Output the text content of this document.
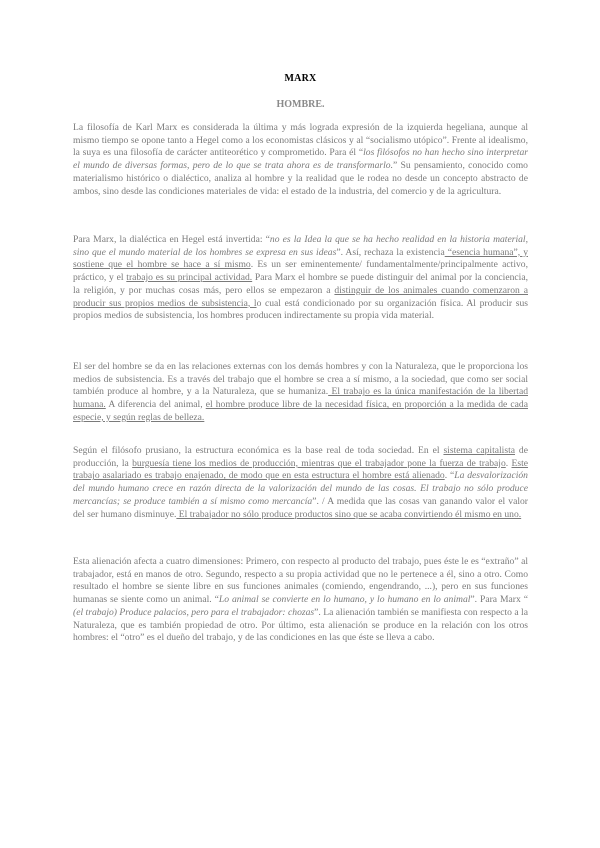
MARX
HOMBRE.

La filosofía de Karl Marx es considerada la última y más lograda expresión de la izquierda hegeliana, aunque al mismo tiempo se opone tanto a Hegel como a los economistas clásicos y al “socialismo utópico”. Frente al idealismo, la suya es una filosofía de carácter antiteorético y comprometido. Para él “los filósofos no han hecho sino interpretar el mundo de diversas formas, pero de lo que se trata ahora es de transformarlo.” Su pensamiento, conocido como materialismo histórico o dialéctico, analiza al hombre y la realidad que le rodea no desde un concepto abstracto de ambos, sino desde las condiciones materiales de vida: el estado de la industria, del comercio y de la agricultura.

Para Marx, la dialéctica en Hegel está invertida: “no es la Idea la que se ha hecho realidad en la historia material, sino que el mundo material de los hombres se expresa en sus ideas”. Así, rechaza la existencia “esencia humana”, y sostiene que el hombre se hace a sí mismo. Es un ser eminentemente/ fundamentalmente/principalmente activo, práctico, y el trabajo es su principal actividad. Para Marx el hombre se puede distinguir del animal por la conciencia, la religión, y por muchas cosas más, pero ellos se empezaron a distinguir de los animales cuando comenzaron a producir sus propios medios de subsistencia, lo cual está condicionado por su organización física. Al producir sus propios medios de subsistencia, los hombres producen indirectamente su propia vida material.

El ser del hombre se da en las relaciones externas con los demás hombres y con la Naturaleza, que le proporciona los medios de subsistencia. Es a través del trabajo que el hombre se crea a sí mismo, a la sociedad, que como ser social también produce al hombre, y a la Naturaleza, que se humaniza. El trabajo es la única manifestación de la libertad humana. A diferencia del animal, el hombre produce libre de la necesidad física, en proporción a la medida de cada especie, y según reglas de belleza.

Según el filósofo prusiano, la estructura económica es la base real de toda sociedad. En el sistema capitalista de producción, la burguesía tiene los medios de producción, mientras que el trabajador pone la fuerza de trabajo. Este trabajo asalariado es trabajo enajenado, de modo que en esta estructura el hombre está alienado. “La desvalorización del mundo humano crece en razón directa de la valorización del mundo de las cosas. El trabajo no sólo produce mercancías; se produce también a sí mismo como mercancía”. / A medida que las cosas van ganando valor el valor del ser humano disminuye. El trabajador no sólo produce productos sino que se acaba convirtiendo él mismo en uno.

Esta alienación afecta a cuatro dimensiones: Primero, con respecto al producto del trabajo, pues éste le es “extraño” al trabajador, está en manos de otro. Segundo, respecto a su propia actividad que no le pertenece a él, sino a otro. Como resultado el hombre se siente libre en sus funciones animales (comiendo, engendrando, ...), pero en sus funciones humanas se siente como un animal. “Lo animal se convierte en lo humano, y lo humano en lo animal”. Para Marx “ (el trabajo) Produce palacios, pero para el trabajador: chozas”. La alienación también se manifiesta con respecto a la Naturaleza, que es también propiedad de otro. Por último, esta alienación se produce en la relación con los otros hombres: el “otro” es el dueño del trabajo, y de las condiciones en las que éste se lleva a cabo.
